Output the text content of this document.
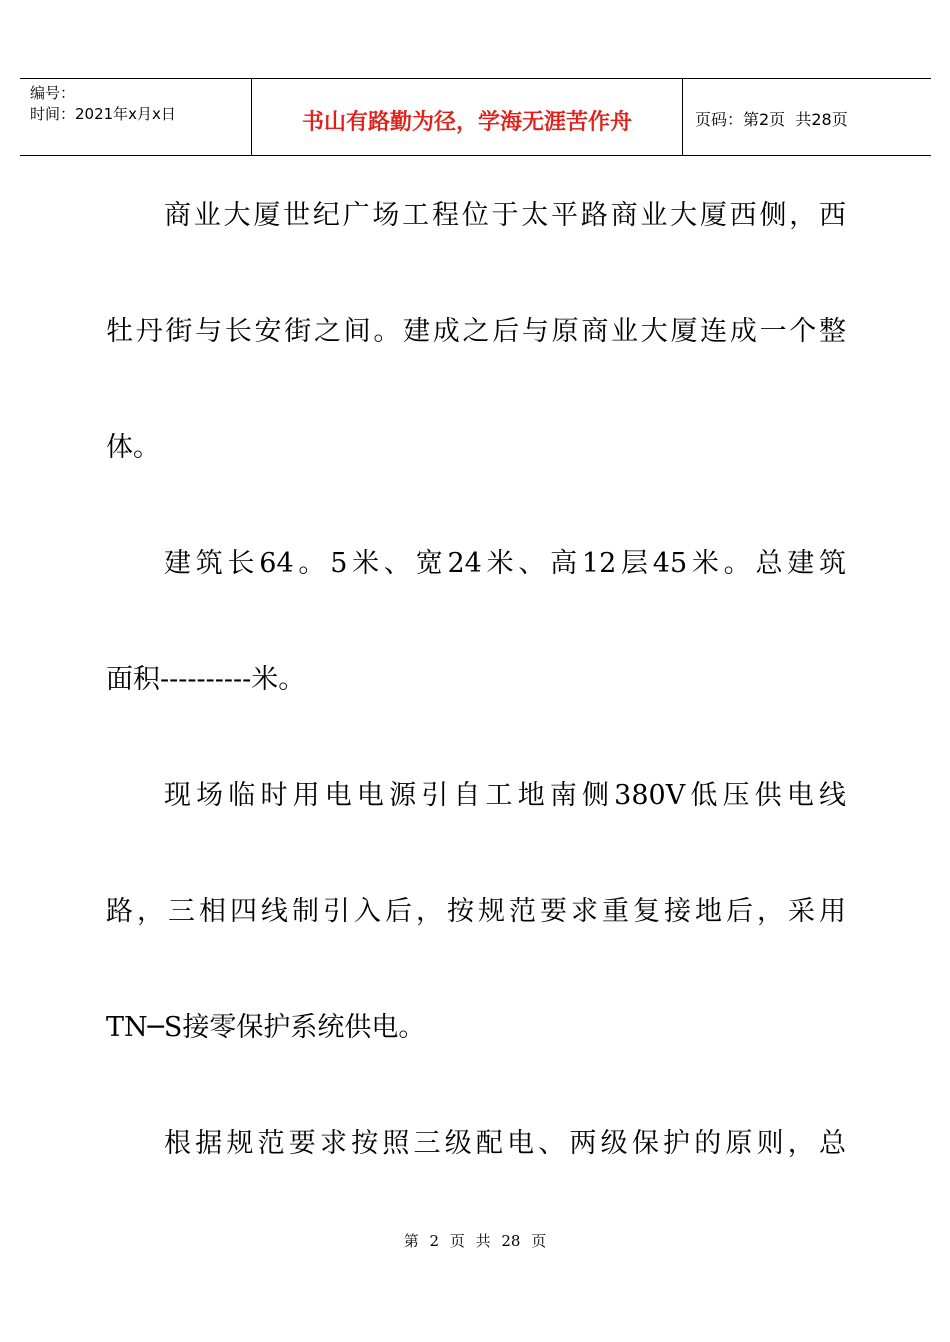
编号：
时间：2021年x月x日	书山有路勤为径，学海无涯苦作舟	页码：第2页  共28页
商业大厦世纪广场工程位于太平路商业大厦西侧，西
牡丹街与长安街之间。建成之后与原商业大厦连成一个整
体。
建筑长64。5米、宽24米、高12层45米。总建筑
面积----------米。
现场临时用电电源引自工地南侧380V低压供电线
路，三相四线制引入后，按规范要求重复接地后，采用
TN─S接零保护系统供电。
根据规范要求按照三级配电、两级保护的原则，总
第 2 页 共 28 页
